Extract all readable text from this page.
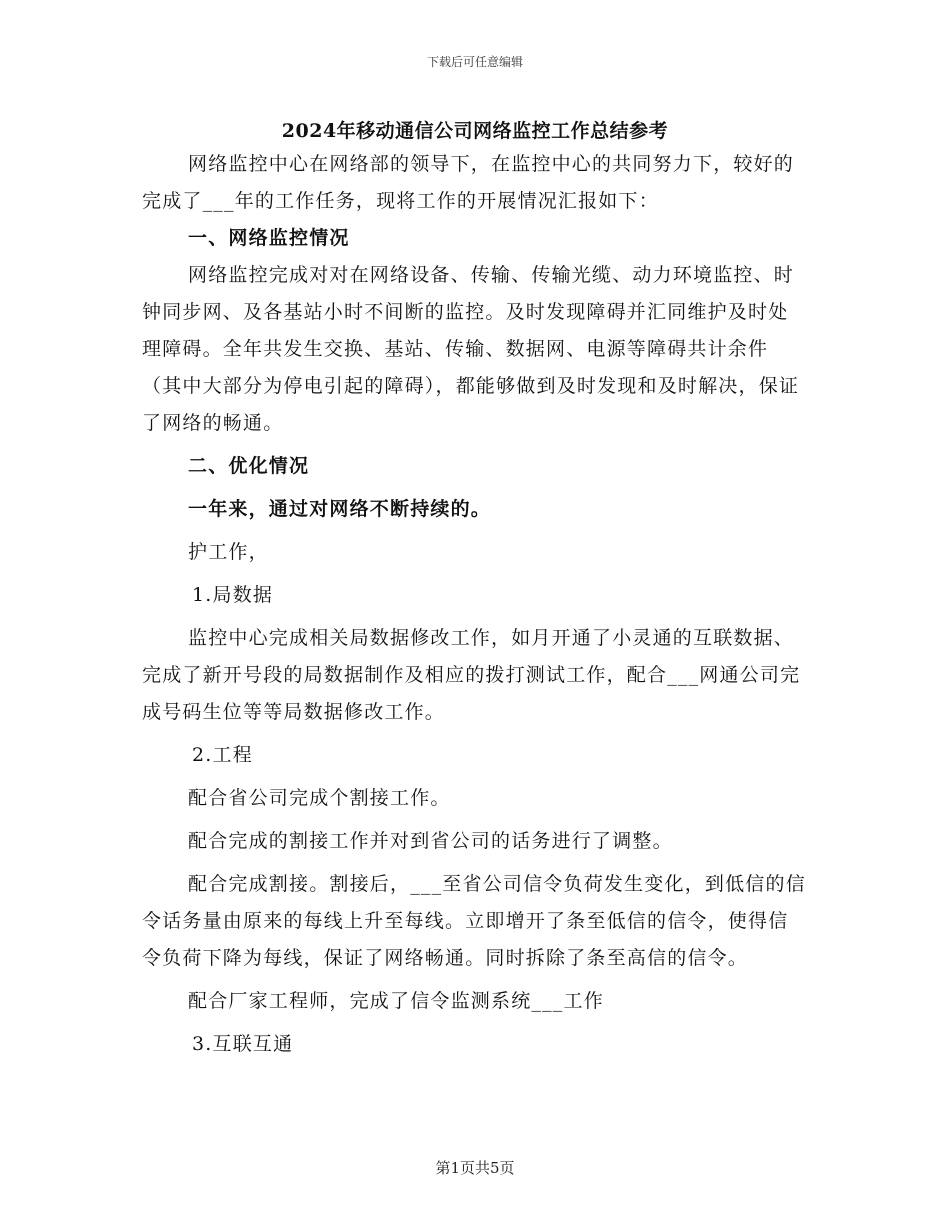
下载后可任意编辑
2024年移动通信公司网络监控工作总结参考

网络监控中心在网络部的领导下，在监控中心的共同努力下，较好的完成了___年的工作任务，现将工作的开展情况汇报如下：

一、网络监控情况

网络监控完成对对在网络设备、传输、传输光缆、动力环境监控、时钟同步网、及各基站小时不间断的监控。及时发现障碍并汇同维护及时处理障碍。全年共发生交换、基站、传输、数据网、电源等障碍共计余件（其中大部分为停电引起的障碍），都能够做到及时发现和及时解决，保证了网络的畅通。

二、优化情况

一年来，通过对网络不断持续的。

护工作，

1.局数据

监控中心完成相关局数据修改工作，如月开通了小灵通的互联数据、完成了新开号段的局数据制作及相应的拨打测试工作，配合___网通公司完成号码生位等等局数据修改工作。

2.工程

配合省公司完成个割接工作。

配合完成的割接工作并对到省公司的话务进行了调整。

配合完成割接。割接后，___至省公司信令负荷发生变化，到低信的信令话务量由原来的每线上升至每线。立即增开了条至低信的信令，使得信令负荷下降为每线，保证了网络畅通。同时拆除了条至高信的信令。

配合厂家工程师，完成了信令监测系统___工作

3.互联互通

第1页共5页
